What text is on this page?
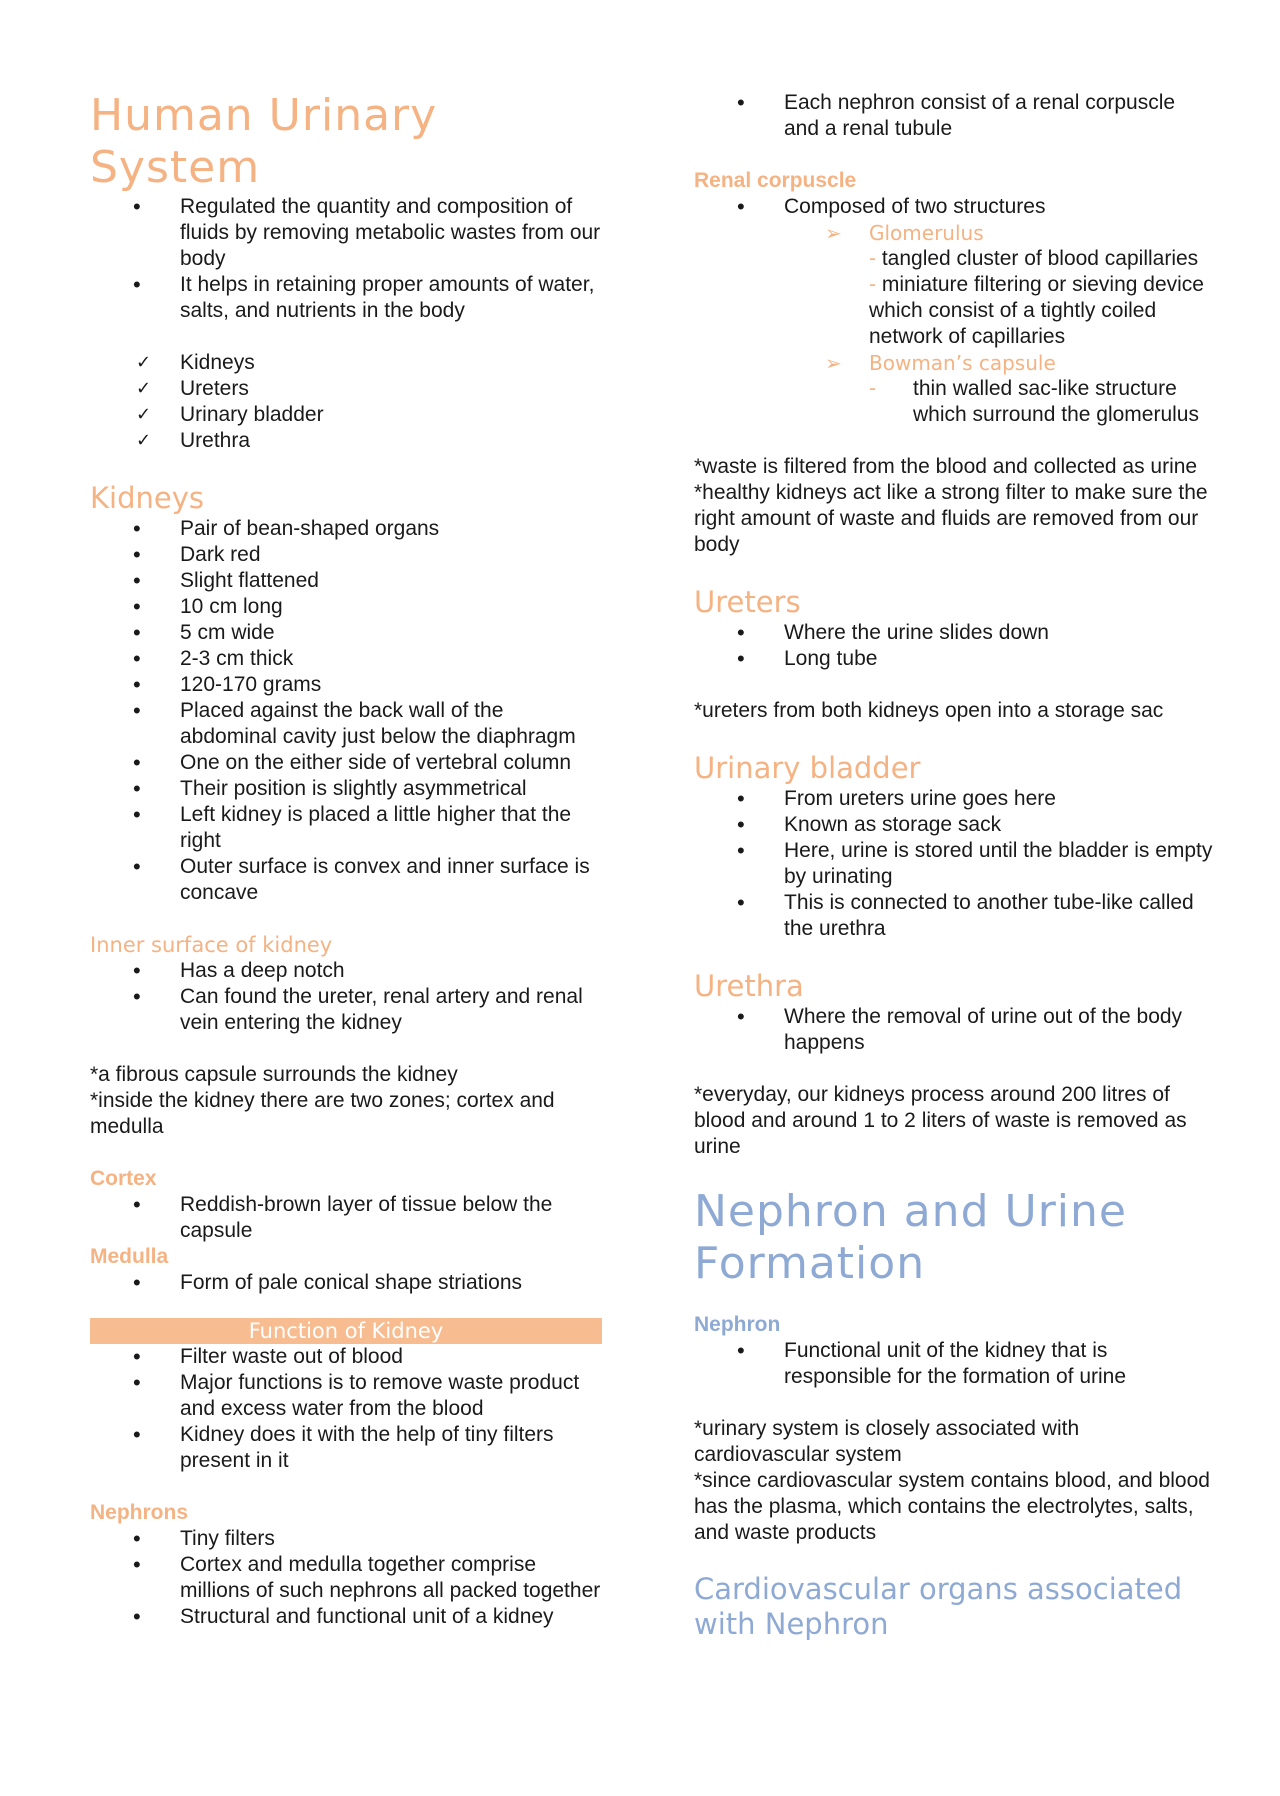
Human Urinary System
• Regulated the quantity and composition of fluids by removing metabolic wastes from our body
• It helps in retaining proper amounts of water, salts, and nutrients in the body
✓ Kidneys
✓ Ureters
✓ Urinary bladder
✓ Urethra
Kidneys
• Pair of bean-shaped organs
• Dark red
• Slight flattened
• 10 cm long
• 5 cm wide
• 2-3 cm thick
• 120-170 grams
• Placed against the back wall of the abdominal cavity just below the diaphragm
• One on the either side of vertebral column
• Their position is slightly asymmetrical
• Left kidney is placed a little higher that the right
• Outer surface is convex and inner surface is concave
Inner surface of kidney
• Has a deep notch
• Can found the ureter, renal artery and renal vein entering the kidney

*a fibrous capsule surrounds the kidney

*inside the kidney there are two zones; cortex and medulla

Cortex
• Reddish-brown layer of tissue below the capsule
Medulla
• Form of pale conical shape striations
Function of Kidney
• Filter waste out of blood
• Major functions is to remove waste product and excess water from the blood
• Kidney does it with the help of tiny filters present in it
Nephrons
• Tiny filters
• Cortex and medulla together comprise millions of such nephrons all packed together
• Structural and functional unit of a kidney
• Each nephron consist of a renal corpuscle and a renal tubule
Renal corpuscle
• Composed of two structures
➢ Glomerulus

- tangled cluster of blood capillaries

- miniature filtering or sieving device which consist of a tightly coiled network of capillaries

➢ Bowman’s capsule
- thin walled sac-like structure which surround the glomerulus

*waste is filtered from the blood and collected as urine

*healthy kidneys act like a strong filter to make sure the right amount of waste and fluids are removed from our body

Ureters
• Where the urine slides down
• Long tube

*ureters from both kidneys open into a storage sac

Urinary bladder
• From ureters urine goes here
• Known as storage sack
• Here, urine is stored until the bladder is empty by urinating
• This is connected to another tube-like called the urethra
Urethra
• Where the removal of urine out of the body happens

*everyday, our kidneys process around 200 litres of blood and around 1 to 2 liters of waste is removed as urine

Nephron and Urine Formation
Nephron
• Functional unit of the kidney that is responsible for the formation of urine

*urinary system is closely associated with cardiovascular system

*since cardiovascular system contains blood, and blood has the plasma, which contains the electrolytes, salts, and waste products

Cardiovascular organs associated with Nephron
